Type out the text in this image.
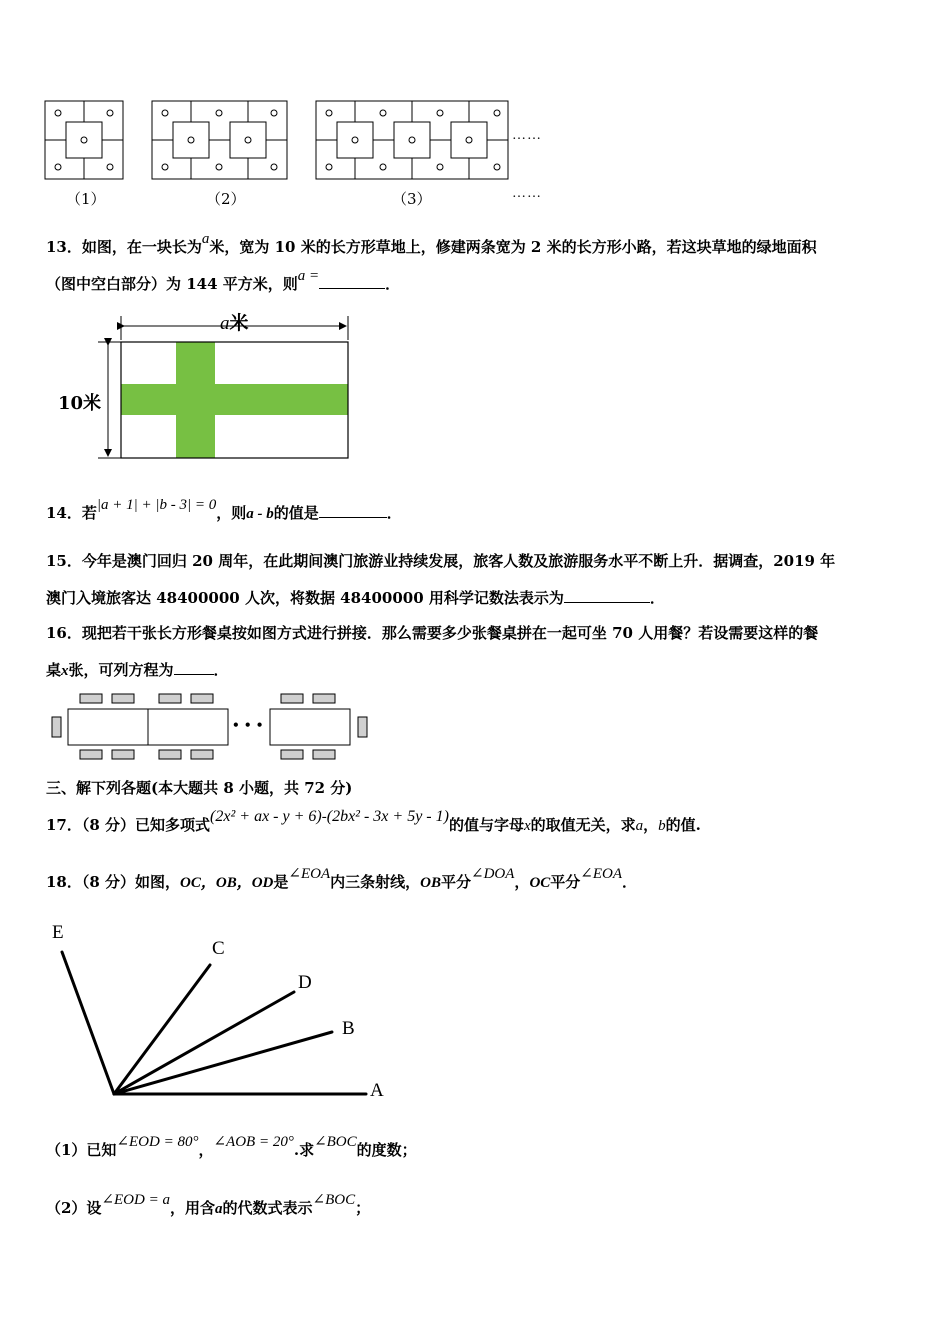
（1）	（2）	（3）
……
……
13．如图，在一块长为a米，宽为 10 米的长方形草地上，修建两条宽为 2 米的长方形小路，若这块草地的绿地面积
（图中空白部分）为 144 平方米，则a =	．
a米
10米
14．若|a + 1| + |b - 3| = 0，则a - b的值是	．
15．今年是澳门回归 20 周年，在此期间澳门旅游业持续发展，旅客人数及旅游服务水平不断上升．据调查，2019 年
澳门入境旅客达 48400000 人次，将数据 48400000 用科学记数法表示为	．
16．现把若干张长方形餐桌按如图方式进行拼接．那么需要多少张餐桌拼在一起可坐 70 人用餐？若设需要这样的餐
桌x张，可列方程为	．
• • •
三、解下列各题(本大题共 8 小题，共 72 分)
17．（8 分）已知多项式(2x² + ax - y + 6)-(2bx² - 3x + 5y - 1)的值与字母x的取值无关，求a，b的值.
18．（8 分）如图，OC，OB，OD是∠EOA内三条射线，OB平分∠DOA，OC平分∠EOA．
E
C
D
B
A
（1）已知∠EOD = 80°，∠AOB = 20°.求∠BOC的度数；
（2）设∠EOD = a，用含a的代数式表示∠BOC；
